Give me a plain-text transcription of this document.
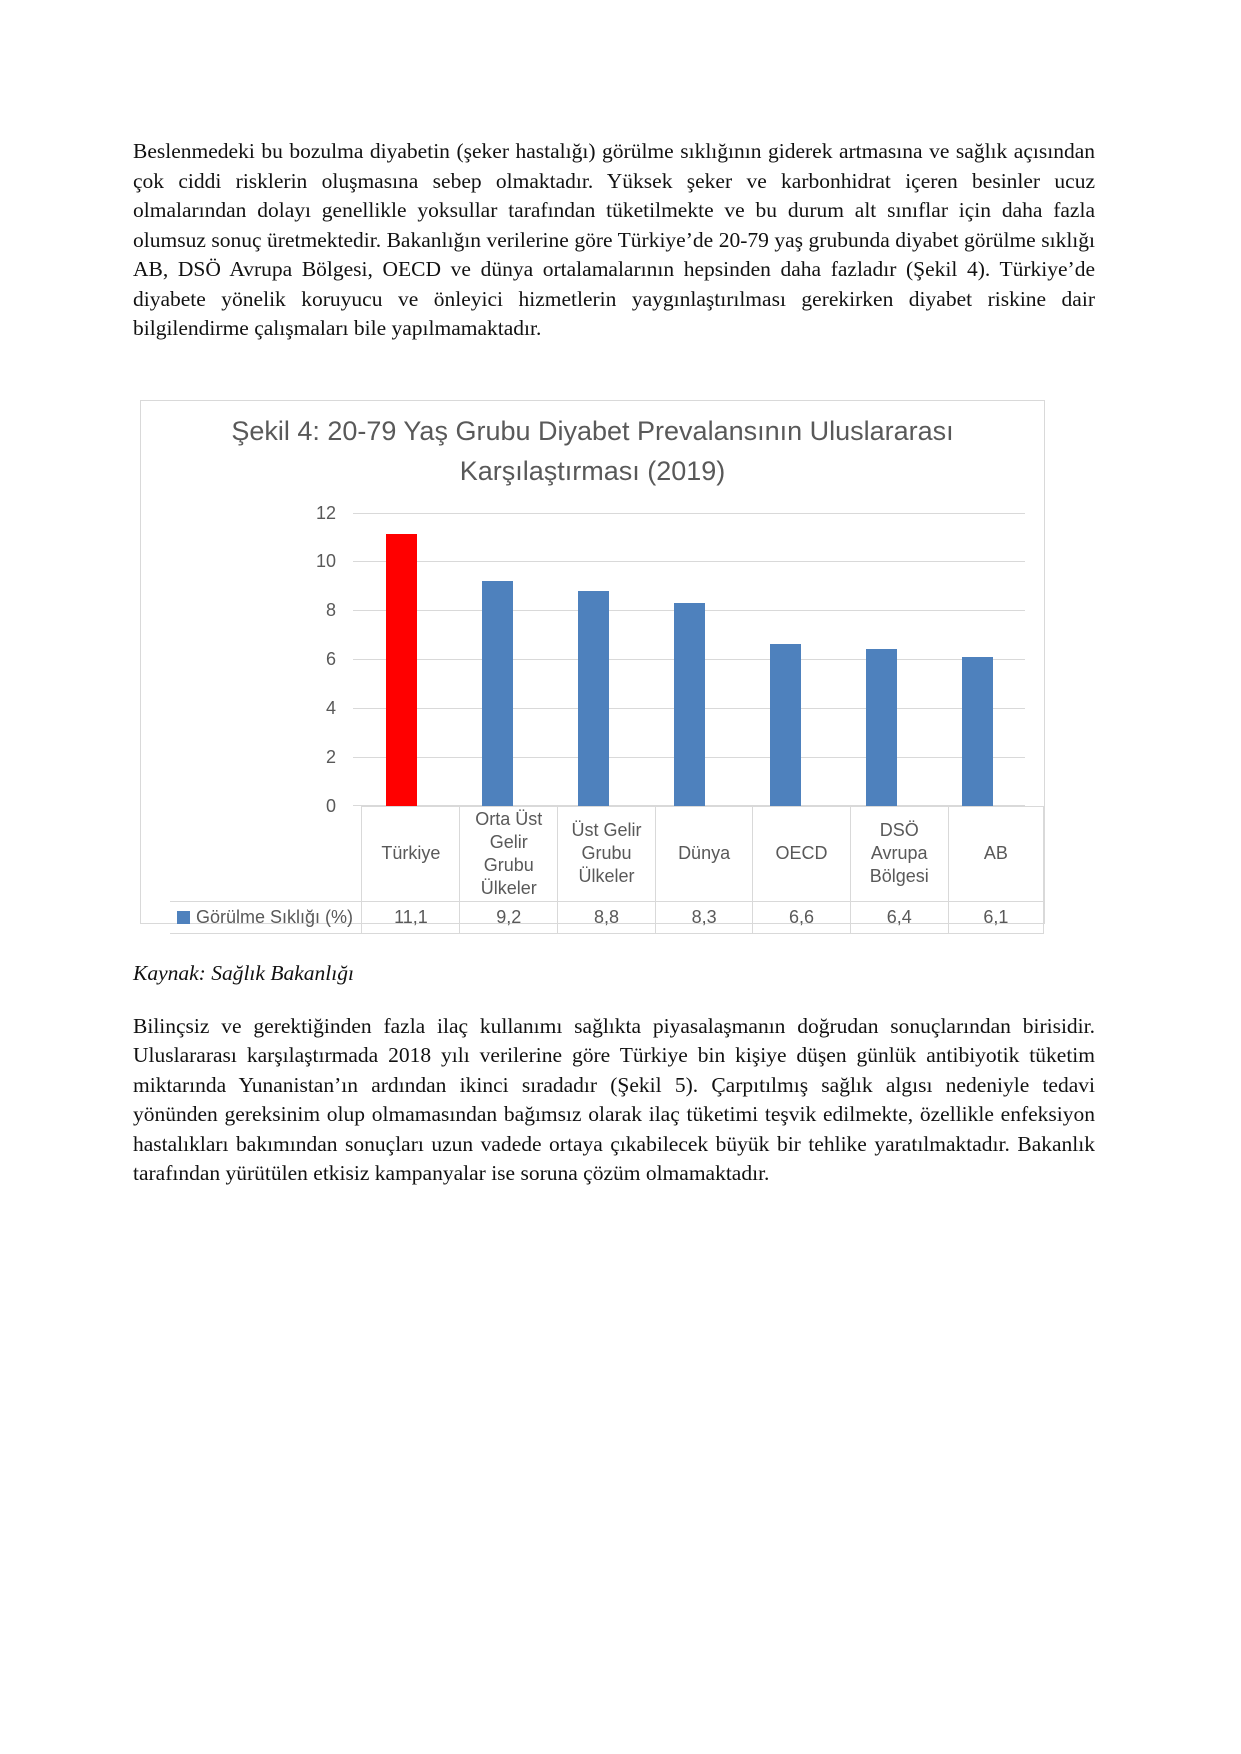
Beslenmedeki bu bozulma diyabetin (şeker hastalığı) görülme sıklığının giderek artmasına ve sağlık açısından çok ciddi risklerin oluşmasına sebep olmaktadır. Yüksek şeker ve karbonhidrat içeren besinler ucuz olmalarından dolayı genellikle yoksullar tarafından tüketilmekte ve bu durum alt sınıflar için daha fazla olumsuz sonuç üretmektedir. Bakanlığın verilerine göre Türkiye’de 20-79 yaş grubunda diyabet görülme sıklığı AB, DSÖ Avrupa Bölgesi, OECD ve dünya ortalamalarının hepsinden daha fazladır (Şekil 4). Türkiye’de diyabete yönelik koruyucu ve önleyici hizmetlerin yaygınlaştırılması gerekirken diyabet riskine dair bilgilendirme çalışmaları bile yapılmamaktadır.

Şekil 4: 20-79 Yaş Grubu Diyabet Prevalansının Uluslararası Karşılaştırması (2019)
12
10
8
6
4
2
0
	Türkiye	Orta Üst Gelir Grubu Ülkeler	Üst Gelir Grubu Ülkeler	Dünya	OECD	DSÖ Avrupa Bölgesi	AB
Görülme Sıklığı (%)	11,1	9,2	8,8	8,3	6,6	6,4	6,1

Kaynak: Sağlık Bakanlığı

Bilinçsiz ve gerektiğinden fazla ilaç kullanımı sağlıkta piyasalaşmanın doğrudan sonuçlarından birisidir. Uluslararası karşılaştırmada 2018 yılı verilerine göre Türkiye bin kişiye düşen günlük antibiyotik tüketim miktarında Yunanistan’ın ardından ikinci sıradadır (Şekil 5). Çarpıtılmış sağlık algısı nedeniyle tedavi yönünden gereksinim olup olmamasından bağımsız olarak ilaç tüketimi teşvik edilmekte, özellikle enfeksiyon hastalıkları bakımından sonuçları uzun vadede ortaya çıkabilecek büyük bir tehlike yaratılmaktadır. Bakanlık tarafından yürütülen etkisiz kampanyalar ise soruna çözüm olmamaktadır.
